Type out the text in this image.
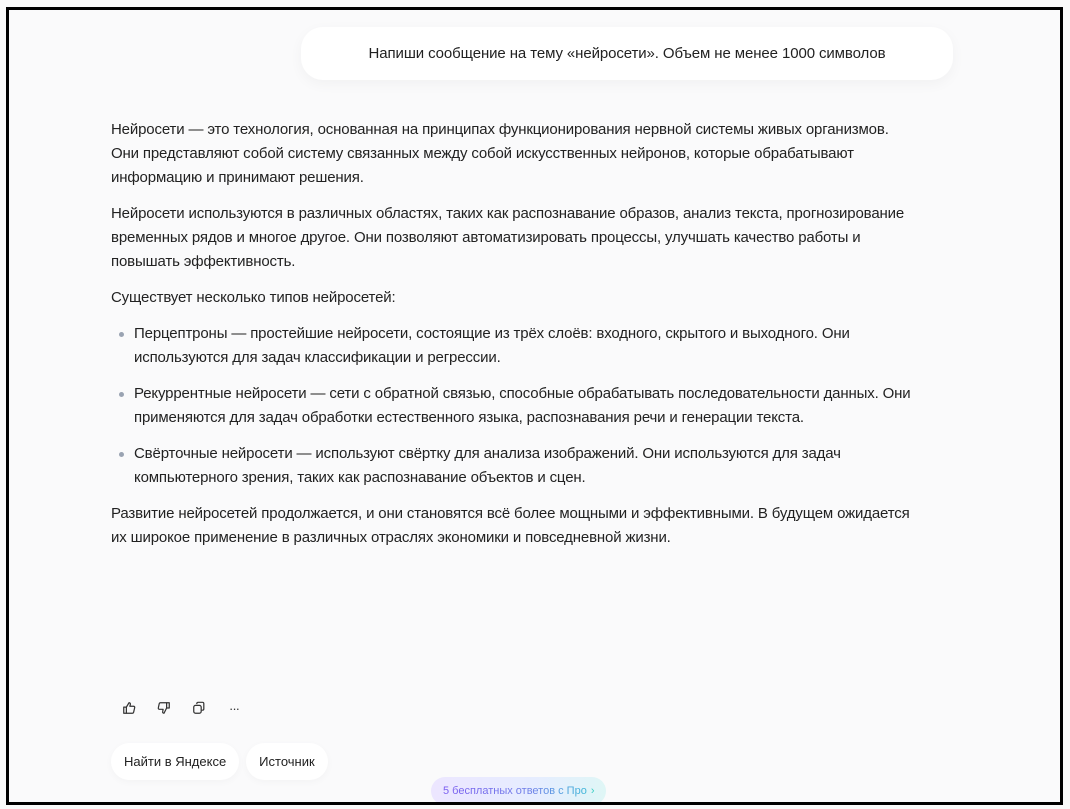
Напиши сообщение на тему «нейросети». Объем не менее 1000 символов

Нейросети — это технология, основанная на принципах функционирования нервной системы живых организмов. Они представляют собой систему связанных между собой искусственных нейронов, которые обрабатывают информацию и принимают решения.

Нейросети используются в различных областях, таких как распознавание образов, анализ текста, прогнозирование временных рядов и многое другое. Они позволяют автоматизировать процессы, улучшать качество работы и повышать эффективность.

Существует несколько типов нейросетей:

Перцептроны — простейшие нейросети, состоящие из трёх слоёв: входного, скрытого и выходного. Они используются для задач классификации и регрессии.
Рекуррентные нейросети — сети с обратной связью, способные обрабатывать последовательности данных. Они применяются для задач обработки естественного языка, распознавания речи и генерации текста.
Свёрточные нейросети — используют свёртку для анализа изображений. Они используются для задач компьютерного зрения, таких как распознавание объектов и сцен.

Развитие нейросетей продолжается, и они становятся всё более мощными и эффективными. В будущем ожидается их широкое применение в различных отраслях экономики и повседневной жизни.

···
Найти в Яндексе	Источник
5 бесплатных ответов с Про ›
